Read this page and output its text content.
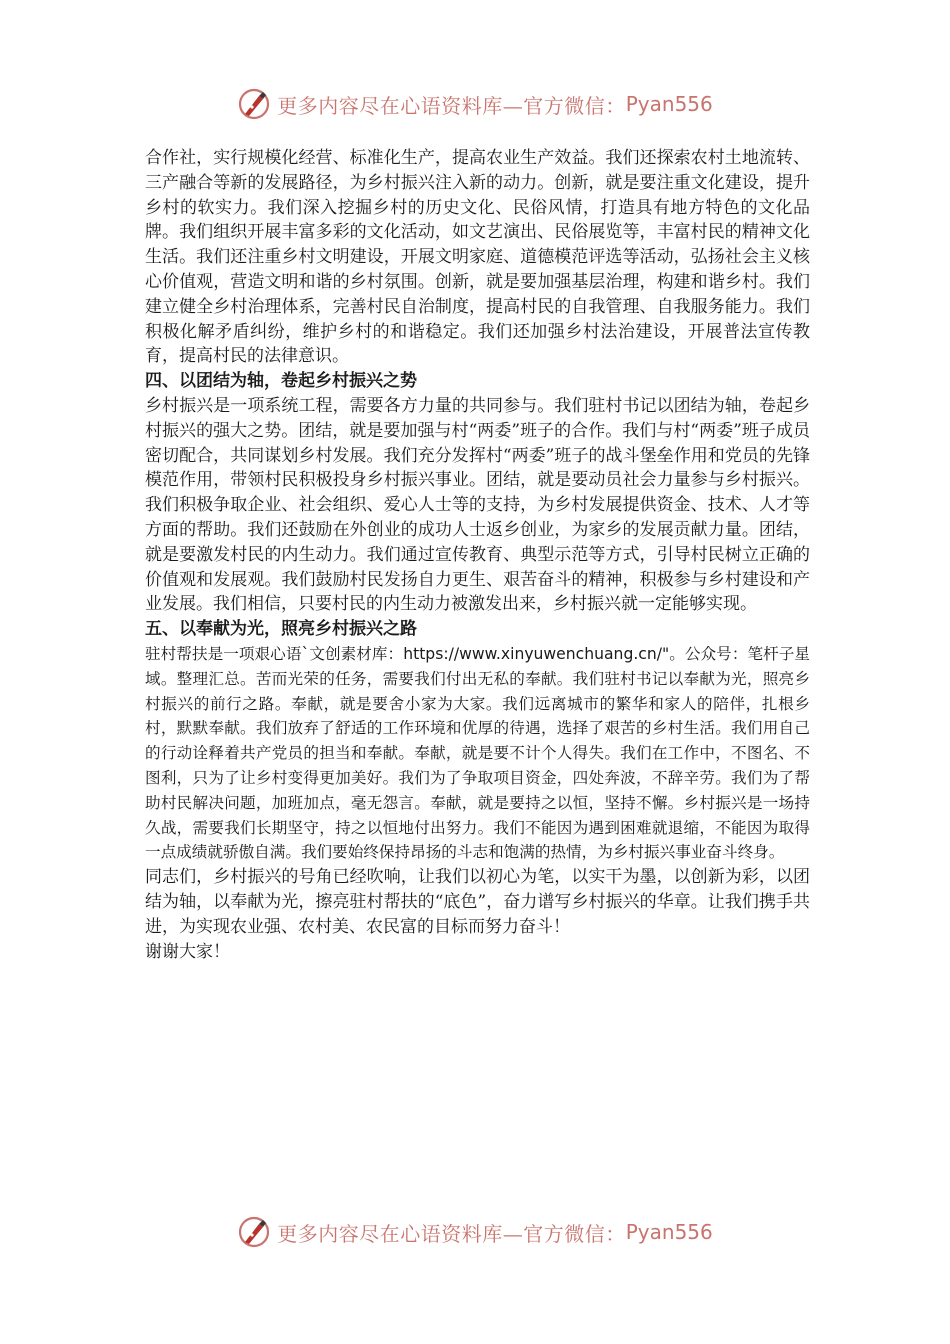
更多内容尽在心语资料库—官方微信： Pyan556

合作社，实行规模化经营、标准化生产，提高农业生产效益。我们还探索农村土地流转、三产融合等新的发展路径，为乡村振兴注入新的动力。创新，就是要注重文化建设，提升乡村的软实力。我们深入挖掘乡村的历史文化、民俗风情，打造具有地方特色的文化品牌。我们组织开展丰富多彩的文化活动，如文艺演出、民俗展览等，丰富村民的精神文化生活。我们还注重乡村文明建设，开展文明家庭、道德模范评选等活动，弘扬社会主义核心价值观，营造文明和谐的乡村氛围。创新，就是要加强基层治理，构建和谐乡村。我们建立健全乡村治理体系，完善村民自治制度，提高村民的自我管理、自我服务能力。我们积极化解矛盾纠纷，维护乡村的和谐稳定。我们还加强乡村法治建设，开展普法宣传教育，提高村民的法律意识。

四、以团结为轴，卷起乡村振兴之势

乡村振兴是一项系统工程，需要各方力量的共同参与。我们驻村书记以团结为轴，卷起乡村振兴的强大之势。团结，就是要加强与村“两委”班子的合作。我们与村“两委”班子成员密切配合，共同谋划乡村发展。我们充分发挥村“两委”班子的战斗堡垒作用和党员的先锋模范作用，带领村民积极投身乡村振兴事业。团结，就是要动员社会力量参与乡村振兴。我们积极争取企业、社会组织、爱心人士等的支持，为乡村发展提供资金、技术、人才等方面的帮助。我们还鼓励在外创业的成功人士返乡创业，为家乡的发展贡献力量。团结，就是要激发村民的内生动力。我们通过宣传教育、典型示范等方式，引导村民树立正确的价值观和发展观。我们鼓励村民发扬自力更生、艰苦奋斗的精神，积极参与乡村建设和产业发展。我们相信，只要村民的内生动力被激发出来，乡村振兴就一定能够实现。

五、以奉献为光，照亮乡村振兴之路

驻村帮扶是一项艰心语`文创素材库：https://www.xinyuwenchuang.cn/"。公众号：笔杆子星域。整理汇总。苦而光荣的任务，需要我们付出无私的奉献。我们驻村书记以奉献为光，照亮乡村振兴的前行之路。奉献，就是要舍小家为大家。我们远离城市的繁华和家人的陪伴，扎根乡村，默默奉献。我们放弃了舒适的工作环境和优厚的待遇，选择了艰苦的乡村生活。我们用自己的行动诠释着共产党员的担当和奉献。奉献，就是要不计个人得失。我们在工作中，不图名、不图利，只为了让乡村变得更加美好。我们为了争取项目资金，四处奔波，不辞辛劳。我们为了帮助村民解决问题，加班加点，毫无怨言。奉献，就是要持之以恒，坚持不懈。乡村振兴是一场持久战，需要我们长期坚守，持之以恒地付出努力。我们不能因为遇到困难就退缩，不能因为取得一点成绩就骄傲自满。我们要始终保持昂扬的斗志和饱满的热情，为乡村振兴事业奋斗终身。

同志们，乡村振兴的号角已经吹响，让我们以初心为笔，以实干为墨，以创新为彩，以团结为轴，以奉献为光，擦亮驻村帮扶的“底色”，奋力谱写乡村振兴的华章。让我们携手共进，为实现农业强、农村美、农民富的目标而努力奋斗！

谢谢大家！

更多内容尽在心语资料库—官方微信： Pyan556
